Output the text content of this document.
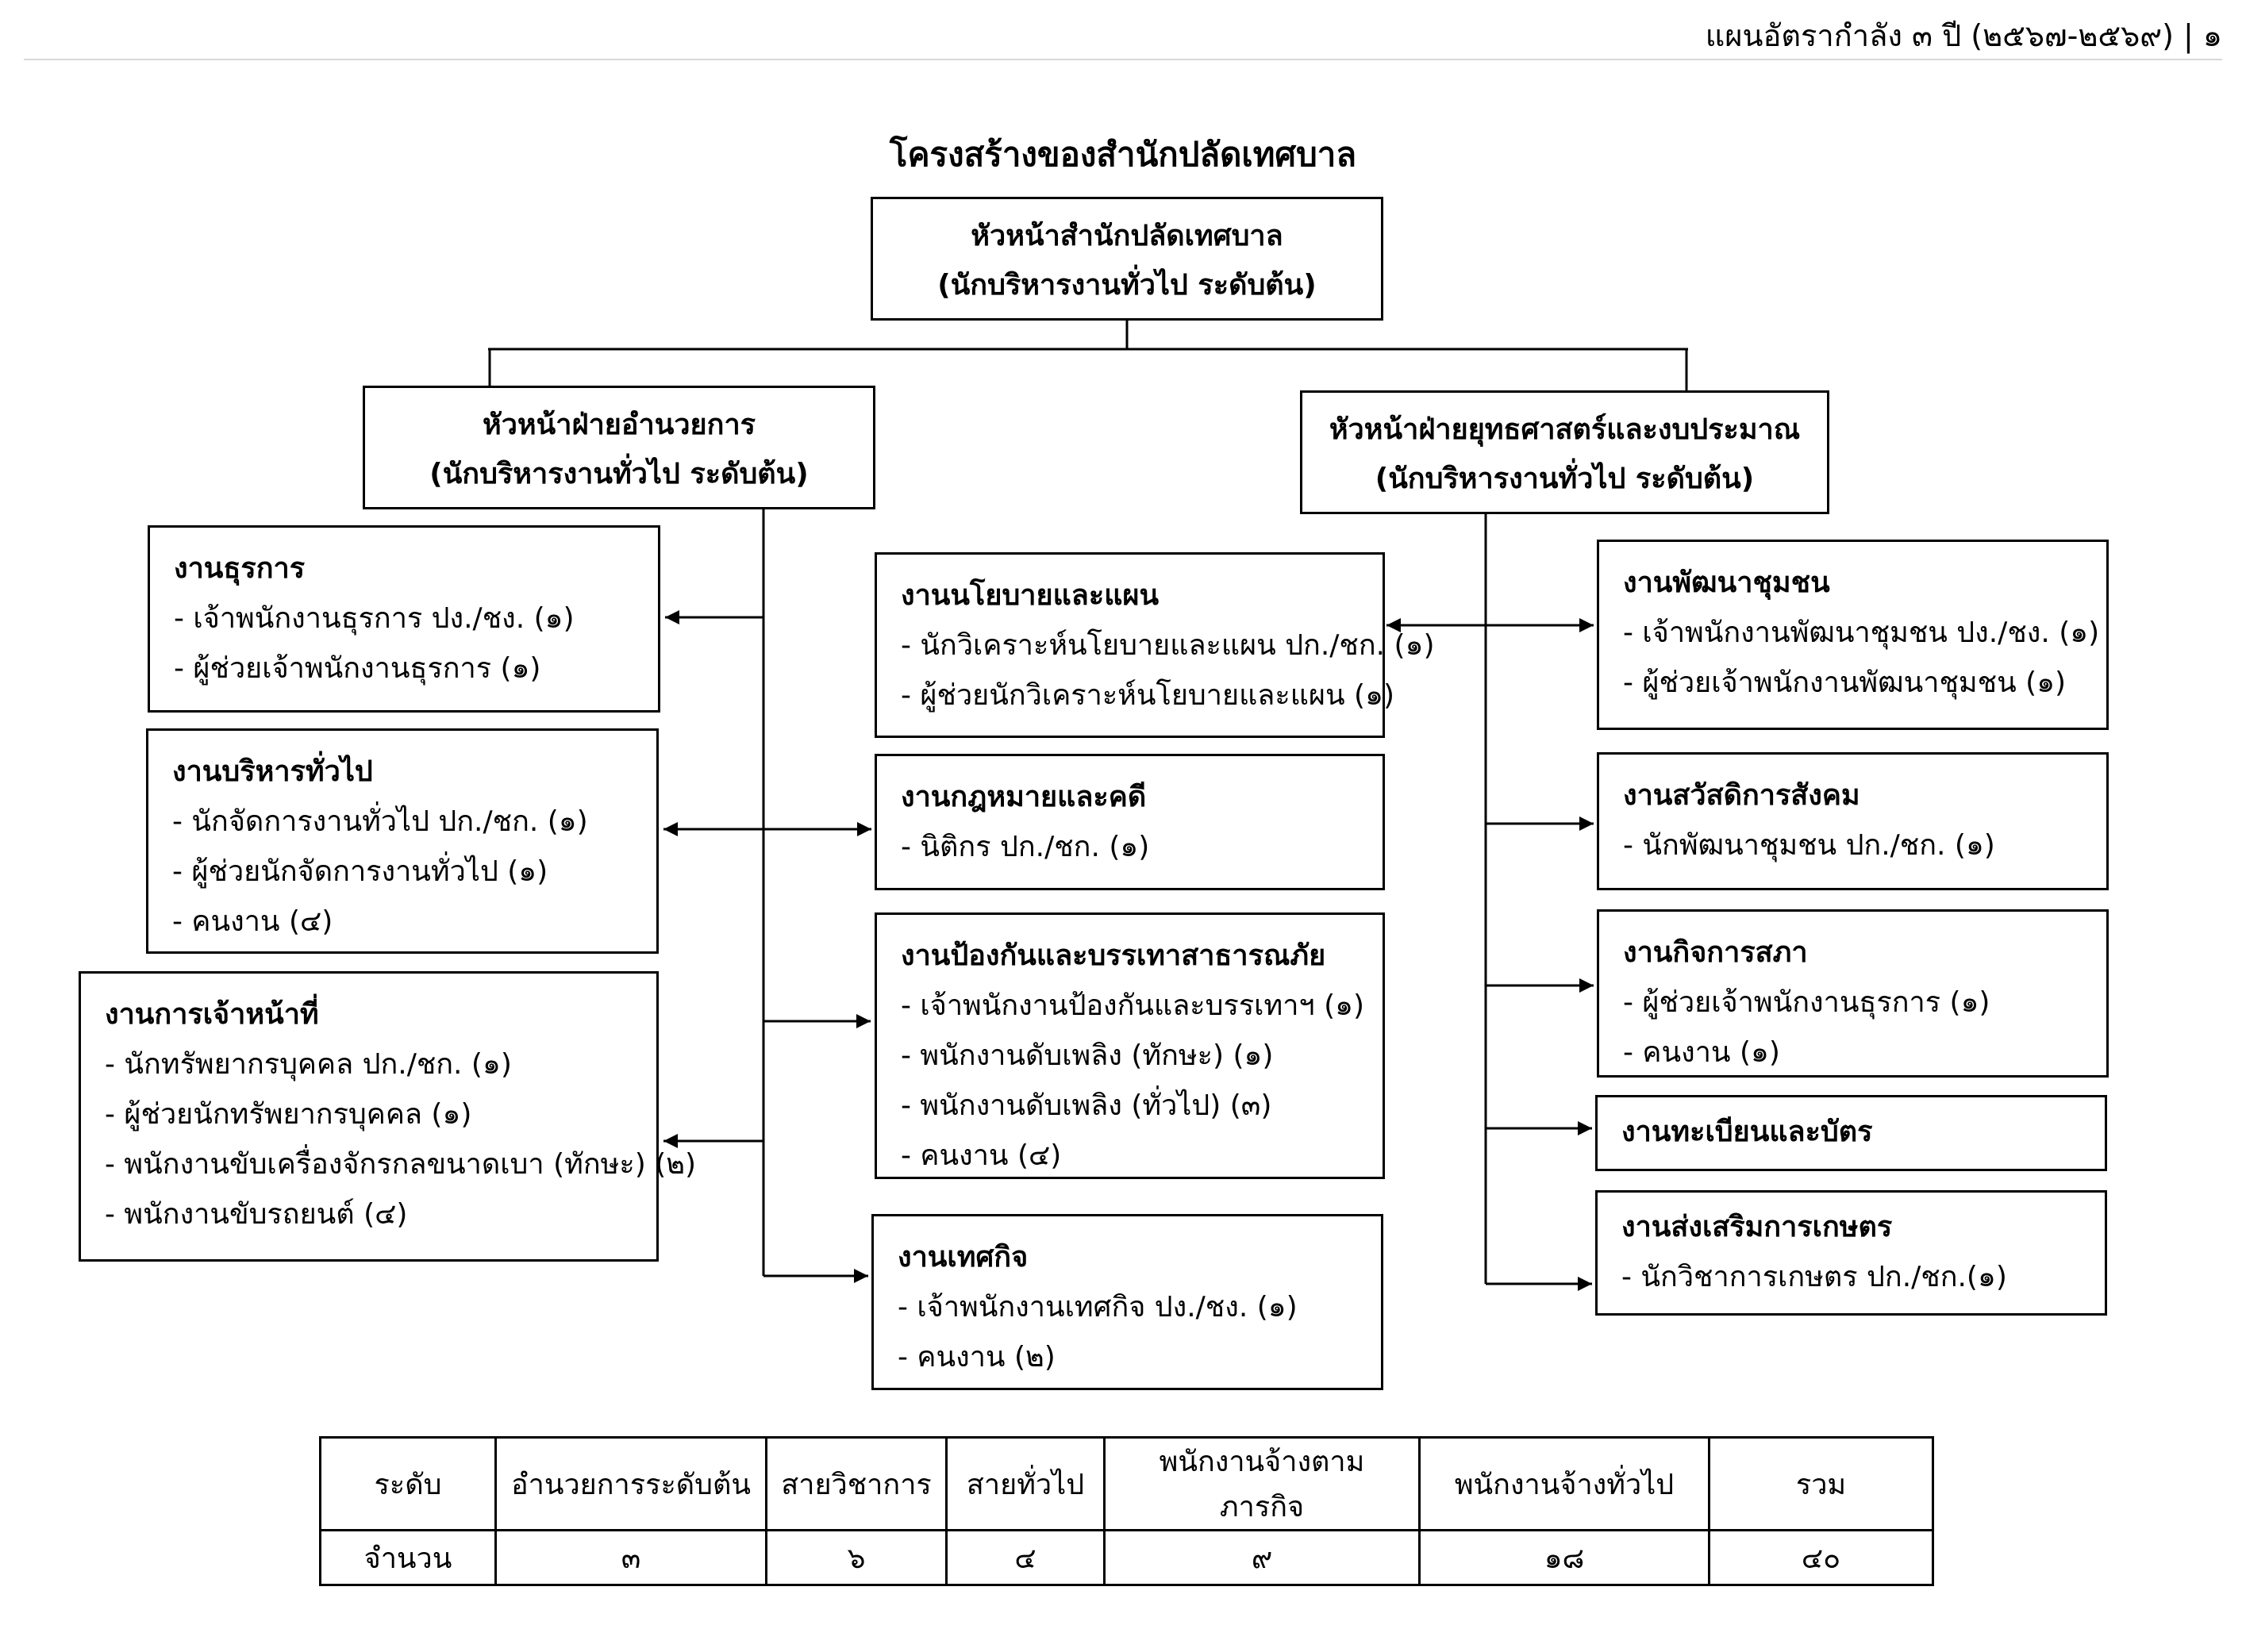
แผนอัตรากำลัง ๓ ปี (๒๕๖๗-๒๕๖๙) | ๑
โครงสร้างของสำนักปลัดเทศบาล
หัวหน้าสำนักปลัดเทศบาล
(นักบริหารงานทั่วไป ระดับต้น)
หัวหน้าฝ่ายอำนวยการ
(นักบริหารงานทั่วไป ระดับต้น)
หัวหน้าฝ่ายยุทธศาสตร์และงบประมาณ
(นักบริหารงานทั่วไป ระดับต้น)
งานธุรการ
- เจ้าพนักงานธุรการ ปง./ชง. (๑)
- ผู้ช่วยเจ้าพนักงานธุรการ (๑)
งานบริหารทั่วไป
- นักจัดการงานทั่วไป ปก./ชก. (๑)
- ผู้ช่วยนักจัดการงานทั่วไป (๑)
- คนงาน (๔)
งานการเจ้าหน้าที่
- นักทรัพยากรบุคคล ปก./ชก. (๑)
- ผู้ช่วยนักทรัพยากรบุคคล (๑)
- พนักงานขับเครื่องจักรกลขนาดเบา (ทักษะ) (๒)
- พนักงานขับรถยนต์ (๔)
งานนโยบายและแผน
- นักวิเคราะห์นโยบายและแผน ปก./ชก. (๑)
- ผู้ช่วยนักวิเคราะห์นโยบายและแผน (๑)
งานกฎหมายและคดี
- นิติกร ปก./ชก. (๑)
งานป้องกันและบรรเทาสาธารณภัย
- เจ้าพนักงานป้องกันและบรรเทาฯ (๑)
- พนักงานดับเพลิง (ทักษะ) (๑)
- พนักงานดับเพลิง (ทั่วไป) (๓)
- คนงาน (๔)
งานเทศกิจ
- เจ้าพนักงานเทศกิจ ปง./ชง. (๑)
- คนงาน (๒)
งานพัฒนาชุมชน
- เจ้าพนักงานพัฒนาชุมชน ปง./ชง. (๑)
- ผู้ช่วยเจ้าพนักงานพัฒนาชุมชน (๑)
งานสวัสดิการสังคม
- นักพัฒนาชุมชน ปก./ชก. (๑)
งานกิจการสภา
- ผู้ช่วยเจ้าพนักงานธุรการ (๑)
- คนงาน (๑)
งานทะเบียนและบัตร
งานส่งเสริมการเกษตร
- นักวิชาการเกษตร ปก./ชก.(๑)
ระดับ	อำนวยการระดับต้น	สายวิชาการ	สายทั่วไป	พนักงานจ้างตามภารกิจ	พนักงานจ้างทั่วไป	รวม
จำนวน	๓	๖	๔	๙	๑๘	๔๐
